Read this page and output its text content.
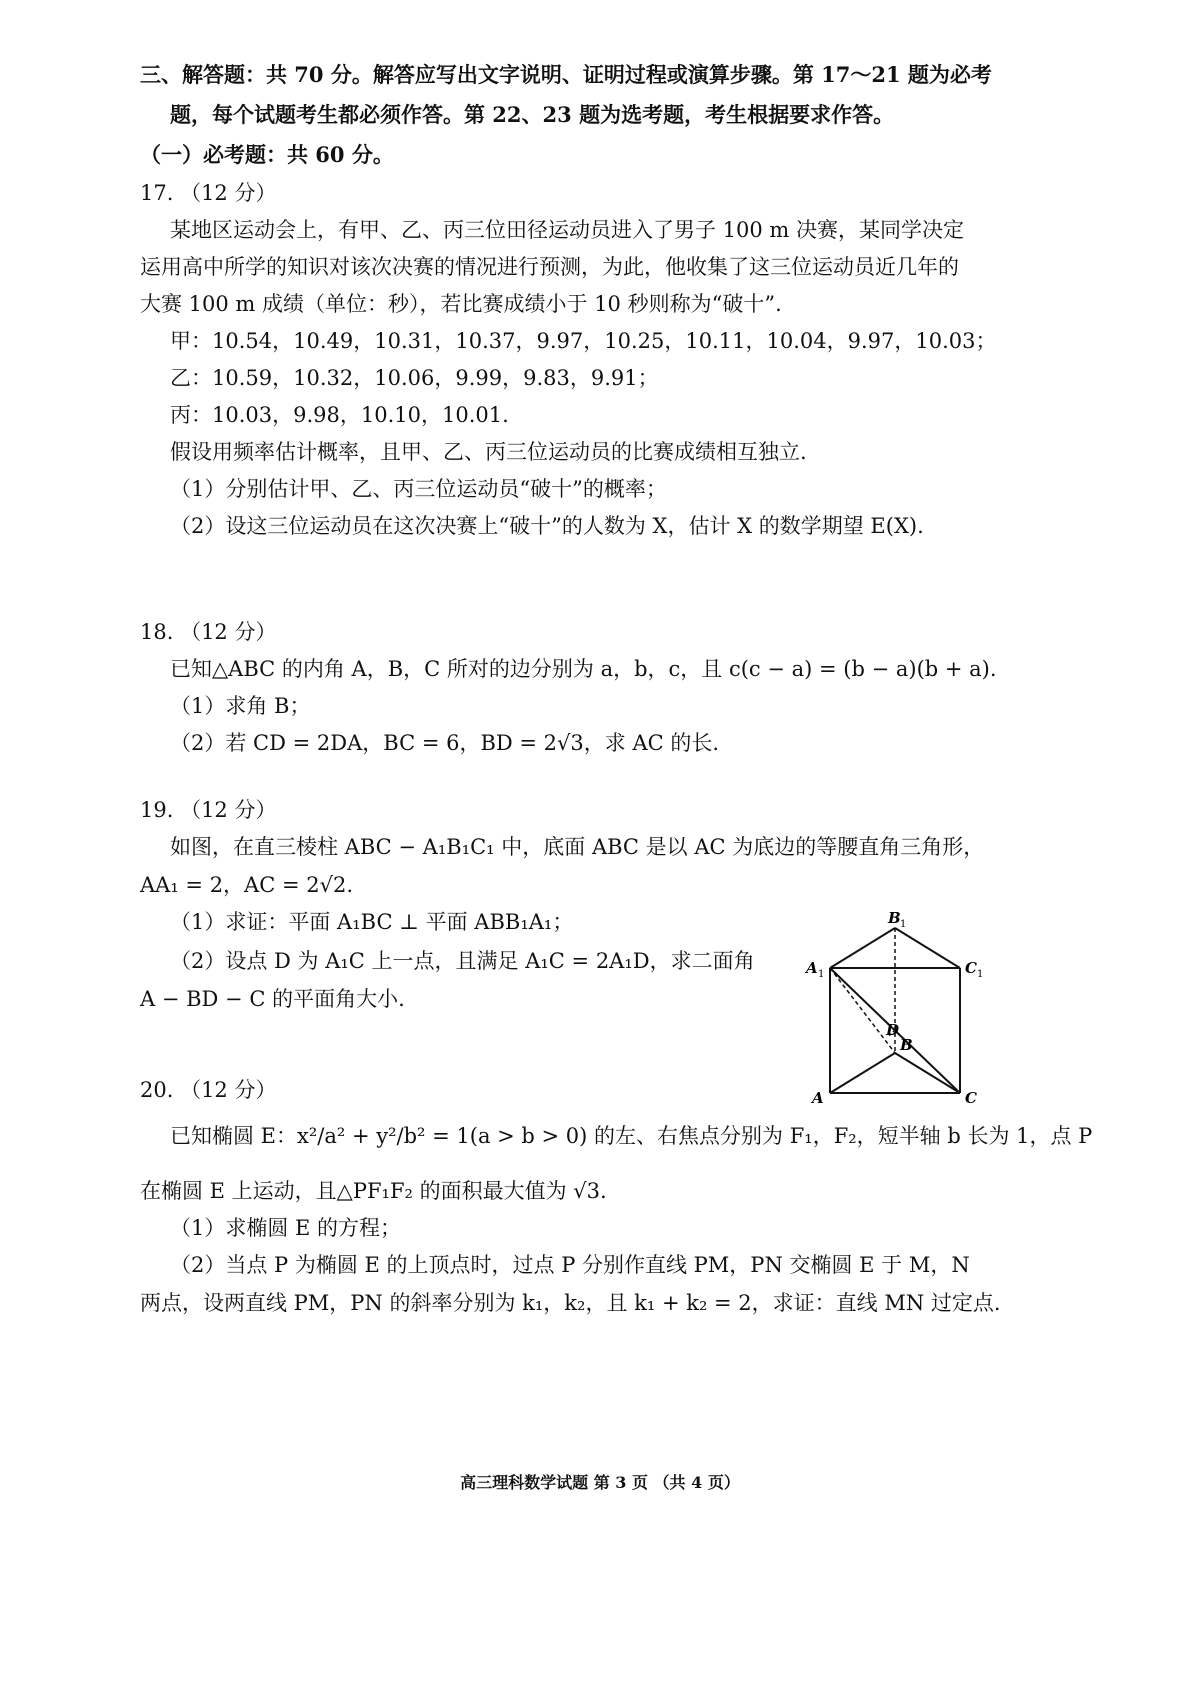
三、解答题：共 70 分。解答应写出文字说明、证明过程或演算步骤。第 17～21 题为必考
题，每个试题考生都必须作答。第 22、23 题为选考题，考生根据要求作答。
（一）必考题：共 60 分。
17. （12 分）
某地区运动会上，有甲、乙、丙三位田径运动员进入了男子 100 m 决赛，某同学决定
运用高中所学的知识对该次决赛的情况进行预测，为此，他收集了这三位运动员近几年的
大赛 100 m 成绩（单位：秒），若比赛成绩小于 10 秒则称为“破十”.
甲：10.54，10.49，10.31，10.37，9.97，10.25，10.11，10.04，9.97，10.03；
乙：10.59，10.32，10.06，9.99，9.83，9.91；
丙：10.03，9.98，10.10，10.01.
假设用频率估计概率，且甲、乙、丙三位运动员的比赛成绩相互独立.
（1）分别估计甲、乙、丙三位运动员“破十”的概率；
（2）设这三位运动员在这次决赛上“破十”的人数为 X，估计 X 的数学期望 E(X).
18. （12 分）
已知△ABC 的内角 A，B，C 所对的边分别为 a，b，c，且 c(c − a) = (b − a)(b + a).
（1）求角 B；
（2）若 CD = 2DA，BC = 6，BD = 2√3，求 AC 的长.
19. （12 分）
如图，在直三棱柱 ABC − A₁B₁C₁ 中，底面 ABC 是以 AC 为底边的等腰直角三角形，
AA₁ = 2，AC = 2√2.
（1）求证：平面 A₁BC ⊥ 平面 ABB₁A₁；
（2）设点 D 为 A₁C 上一点，且满足 A₁C = 2A₁D，求二面角
A − BD − C 的平面角大小.
B 1
A 1	C 1
D
B
A	C
20. （12 分）
已知椭圆 E：x²/a² + y²/b² = 1(a > b > 0) 的左、右焦点分别为 F₁，F₂，短半轴 b 长为 1，点 P
在椭圆 E 上运动，且△PF₁F₂ 的面积最大值为 √3.
（1）求椭圆 E 的方程；
（2）当点 P 为椭圆 E 的上顶点时，过点 P 分别作直线 PM，PN 交椭圆 E 于 M，N
两点，设两直线 PM，PN 的斜率分别为 k₁，k₂，且 k₁ + k₂ = 2，求证：直线 MN 过定点.
高三理科数学试题 第 3 页 （共 4 页）
